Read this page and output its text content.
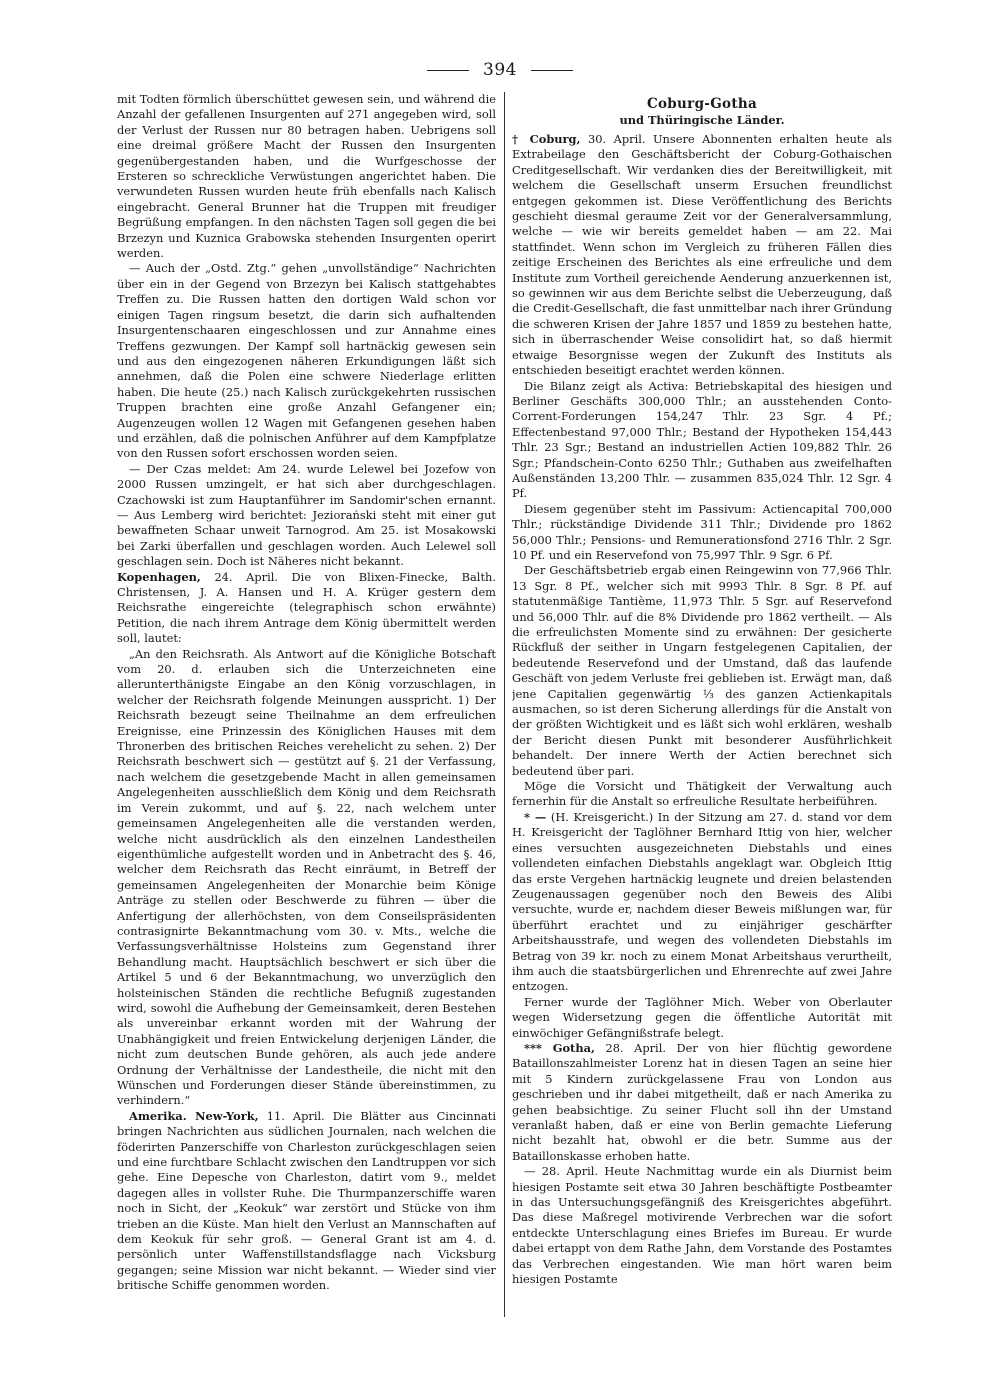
394

mit Todten förmlich überschüttet gewesen sein, und während die Anzahl der gefallenen Insurgenten auf 271 angegeben wird, soll der Verlust der Russen nur 80 betragen haben. Uebrigens soll eine dreimal größere Macht der Russen den Insurgenten gegenübergestanden haben, und die Wurfgeschosse der Ersteren so schreckliche Verwüstungen angerichtet haben. Die verwundeten Russen wurden heute früh ebenfalls nach Kalisch eingebracht. General Brunner hat die Truppen mit freudiger Begrüßung empfangen. In den nächsten Tagen soll gegen die bei Brzezyn und Kuznica Grabowska stehenden Insurgenten operirt werden.

— Auch der „Ostd. Ztg.“ gehen „unvollständige“ Nachrichten über ein in der Gegend von Brzezyn bei Kalisch stattgehabtes Treffen zu. Die Russen hatten den dortigen Wald schon vor einigen Tagen ringsum besetzt, die darin sich aufhaltenden Insurgentenschaaren eingeschlossen und zur Annahme eines Treffens gezwungen. Der Kampf soll hartnäckig gewesen sein und aus den eingezogenen näheren Erkundigungen läßt sich annehmen, daß die Polen eine schwere Niederlage erlitten haben. Die heute (25.) nach Kalisch zurückgekehrten russischen Truppen brachten eine große Anzahl Gefangener ein; Augenzeugen wollen 12 Wagen mit Gefangenen gesehen haben und erzählen, daß die polnischen Anführer auf dem Kampfplatze von den Russen sofort erschossen worden seien.

— Der Czas meldet: Am 24. wurde Lelewel bei Jozefow von 2000 Russen umzingelt, er hat sich aber durchgeschlagen. Czachowski ist zum Hauptanführer im Sandomir'schen ernannt. — Aus Lemberg wird berichtet: Jeziorański steht mit einer gut bewaffneten Schaar unweit Tarnogrod. Am 25. ist Mosakowski bei Zarki überfallen und geschlagen worden. Auch Lelewel soll geschlagen sein. Doch ist Näheres nicht bekannt.

Kopenhagen, 24. April. Die von Blixen-Finecke, Balth. Christensen, J. A. Hansen und H. A. Krüger gestern dem Reichsrathe eingereichte (telegraphisch schon erwähnte) Petition, die nach ihrem Antrage dem König übermittelt werden soll, lautet:

„An den Reichsrath. Als Antwort auf die Königliche Botschaft vom 20. d. erlauben sich die Unterzeichneten eine allerunterthänigste Eingabe an den König vorzuschlagen, in welcher der Reichsrath folgende Meinungen ausspricht. 1) Der Reichsrath bezeugt seine Theilnahme an dem erfreulichen Ereignisse, eine Prinzessin des Königlichen Hauses mit dem Thronerben des britischen Reiches verehelicht zu sehen. 2) Der Reichsrath beschwert sich — gestützt auf §. 21 der Verfassung, nach welchem die gesetzgebende Macht in allen gemeinsamen Angelegenheiten ausschließlich dem König und dem Reichsrath im Verein zukommt, und auf §. 22, nach welchem unter gemeinsamen Angelegenheiten alle die verstanden werden, welche nicht ausdrücklich als den einzelnen Landestheilen eigenthümliche aufgestellt worden und in Anbetracht des §. 46, welcher dem Reichsrath das Recht einräumt, in Betreff der gemeinsamen Angelegenheiten der Monarchie beim Könige Anträge zu stellen oder Beschwerde zu führen — über die Anfertigung der allerhöchsten, von dem Conseilspräsidenten contrasignirte Bekanntmachung vom 30. v. Mts., welche die Verfassungsverhältnisse Holsteins zum Gegenstand ihrer Behandlung macht. Hauptsächlich beschwert er sich über die Artikel 5 und 6 der Bekanntmachung, wo unverzüglich den holsteinischen Ständen die rechtliche Befugniß zugestanden wird, sowohl die Aufhebung der Gemeinsamkeit, deren Bestehen als unvereinbar erkannt worden mit der Wahrung der Unabhängigkeit und freien Entwickelung derjenigen Länder, die nicht zum deutschen Bunde gehören, als auch jede andere Ordnung der Verhältnisse der Landestheile, die nicht mit den Wünschen und Forderungen dieser Stände übereinstimmen, zu verhindern.“

Amerika. New-York, 11. April. Die Blätter aus Cincinnati bringen Nachrichten aus südlichen Journalen, nach welchen die föderirten Panzerschiffe von Charleston zurückgeschlagen seien und eine furchtbare Schlacht zwischen den Landtruppen vor sich gehe. Eine Depesche von Charleston, datirt vom 9., meldet dagegen alles in vollster Ruhe. Die Thurmpanzerschiffe waren noch in Sicht, der „Keokuk“ war zerstört und Stücke von ihm trieben an die Küste. Man hielt den Verlust an Mannschaften auf dem Keokuk für sehr groß. — General Grant ist am 4. d. persönlich unter Waffenstillstandsflagge nach Vicksburg gegangen; seine Mission war nicht bekannt. — Wieder sind vier britische Schiffe genommen worden.

Coburg-Gotha
und Thüringische Länder.

† Coburg, 30. April. Unsere Abonnenten erhalten heute als Extrabeilage den Geschäftsbericht der Coburg-Gothaischen Creditgesellschaft. Wir verdanken dies der Bereitwilligkeit, mit welchem die Gesellschaft unserm Ersuchen freundlichst entgegen gekommen ist. Diese Veröffentlichung des Berichts geschieht diesmal geraume Zeit vor der Generalversammlung, welche — wie wir bereits gemeldet haben — am 22. Mai stattfindet. Wenn schon im Vergleich zu früheren Fällen dies zeitige Erscheinen des Berichtes als eine erfreuliche und dem Institute zum Vortheil gereichende Aenderung anzuerkennen ist, so gewinnen wir aus dem Berichte selbst die Ueberzeugung, daß die Credit-Gesellschaft, die fast unmittelbar nach ihrer Gründung die schweren Krisen der Jahre 1857 und 1859 zu bestehen hatte, sich in überraschender Weise consolidirt hat, so daß hiermit etwaige Besorgnisse wegen der Zukunft des Instituts als entschieden beseitigt erachtet werden können.

Die Bilanz zeigt als Activa: Betriebskapital des hiesigen und Berliner Geschäfts 300,000 Thlr.; an ausstehenden Conto-Corrent-Forderungen 154,247 Thlr. 23 Sgr. 4 Pf.; Effectenbestand 97,000 Thlr.; Bestand der Hypotheken 154,443 Thlr. 23 Sgr.; Bestand an industriellen Actien 109,882 Thlr. 26 Sgr.; Pfandschein-Conto 6250 Thlr.; Guthaben aus zweifelhaften Außenständen 13,200 Thlr. — zusammen 835,024 Thlr. 12 Sgr. 4 Pf.

Diesem gegenüber steht im Passivum: Actiencapital 700,000 Thlr.; rückständige Dividende 311 Thlr.; Dividende pro 1862 56,000 Thlr.; Pensions- und Remunerationsfond 2716 Thlr. 2 Sgr. 10 Pf. und ein Reservefond von 75,997 Thlr. 9 Sgr. 6 Pf.

Der Geschäftsbetrieb ergab einen Reingewinn von 77,966 Thlr. 13 Sgr. 8 Pf., welcher sich mit 9993 Thlr. 8 Sgr. 8 Pf. auf statutenmäßige Tantième, 11,973 Thlr. 5 Sgr. auf Reservefond und 56,000 Thlr. auf die 8% Dividende pro 1862 vertheilt. — Als die erfreulichsten Momente sind zu erwähnen: Der gesicherte Rückfluß der seither in Ungarn festgelegenen Capitalien, der bedeutende Reservefond und der Umstand, daß das laufende Geschäft von jedem Verluste frei geblieben ist. Erwägt man, daß jene Capitalien gegenwärtig ⅓ des ganzen Actienkapitals ausmachen, so ist deren Sicherung allerdings für die Anstalt von der größten Wichtigkeit und es läßt sich wohl erklären, weshalb der Bericht diesen Punkt mit besonderer Ausführlichkeit behandelt. Der innere Werth der Actien berechnet sich bedeutend über pari.

Möge die Vorsicht und Thätigkeit der Verwaltung auch fernerhin für die Anstalt so erfreuliche Resultate herbeiführen.

* — (H. Kreisgericht.) In der Sitzung am 27. d. stand vor dem H. Kreisgericht der Taglöhner Bernhard Ittig von hier, welcher eines versuchten ausgezeichneten Diebstahls und eines vollendeten einfachen Diebstahls angeklagt war. Obgleich Ittig das erste Vergehen hartnäckig leugnete und dreien belastenden Zeugenaussagen gegenüber noch den Beweis des Alibi versuchte, wurde er, nachdem dieser Beweis mißlungen war, für überführt erachtet und zu einjähriger geschärfter Arbeitshausstrafe, und wegen des vollendeten Diebstahls im Betrag von 39 kr. noch zu einem Monat Arbeitshaus verurtheilt, ihm auch die staatsbürgerlichen und Ehrenrechte auf zwei Jahre entzogen.

Ferner wurde der Taglöhner Mich. Weber von Oberlauter wegen Widersetzung gegen die öffentliche Autorität mit einwöchiger Gefängnißstrafe belegt.

*** Gotha, 28. April. Der von hier flüchtig gewordene Bataillonszahlmeister Lorenz hat in diesen Tagen an seine hier mit 5 Kindern zurückgelassene Frau von London aus geschrieben und ihr dabei mitgetheilt, daß er nach Amerika zu gehen beabsichtige. Zu seiner Flucht soll ihn der Umstand veranlaßt haben, daß er eine von Berlin gemachte Lieferung nicht bezahlt hat, obwohl er die betr. Summe aus der Bataillonskasse erhoben hatte.

— 28. April. Heute Nachmittag wurde ein als Diurnist beim hiesigen Postamte seit etwa 30 Jahren beschäftigte Postbeamter in das Untersuchungsgefängniß des Kreisgerichtes abgeführt. Das diese Maßregel motivirende Verbrechen war die sofort entdeckte Unterschlagung eines Briefes im Bureau. Er wurde dabei ertappt von dem Rathe Jahn, dem Vorstande des Postamtes das Verbrechen eingestanden. Wie man hört waren beim hiesigen Postamte
